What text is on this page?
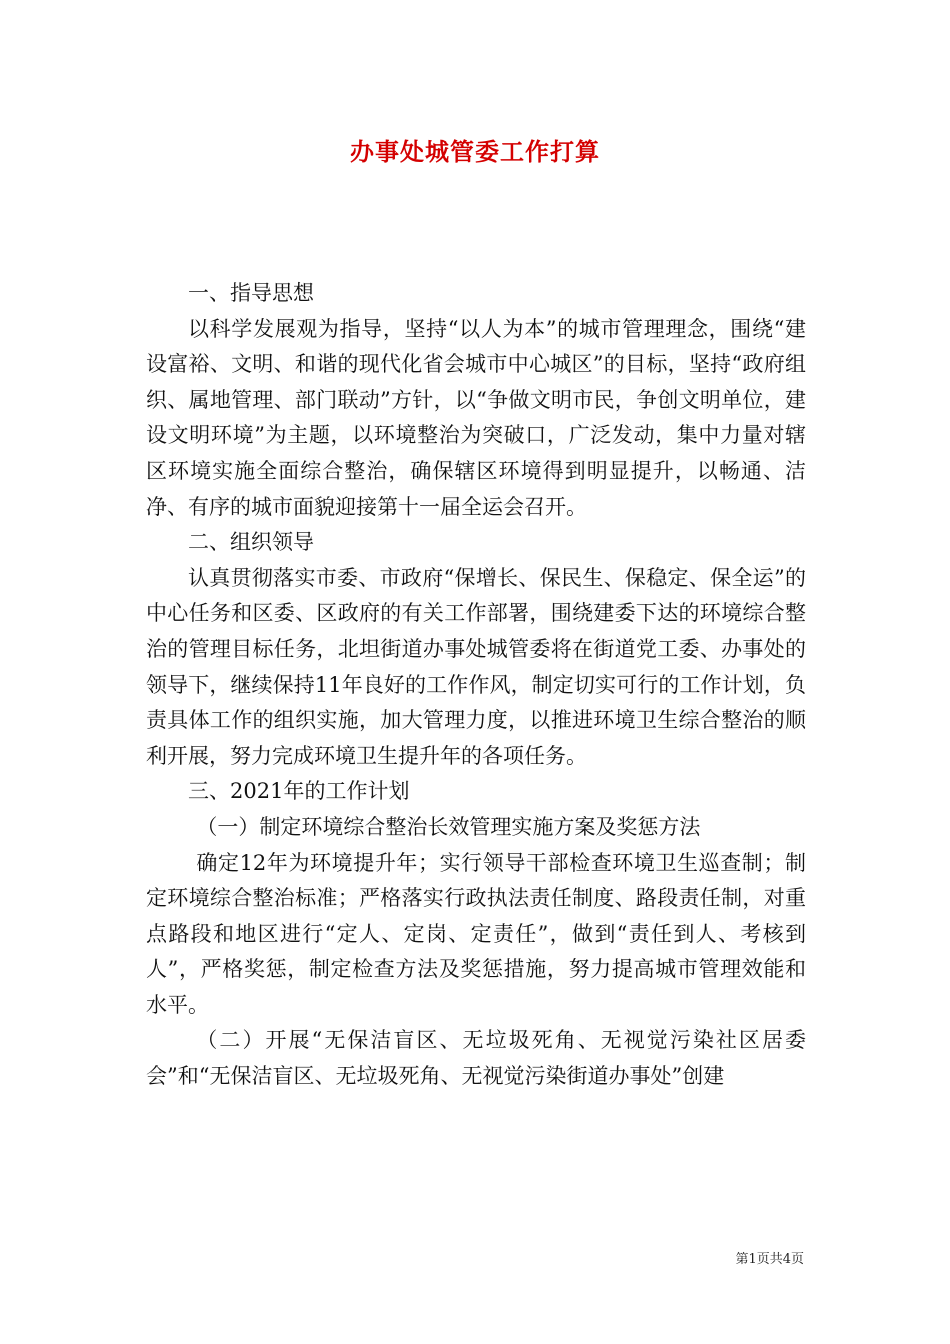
办事处城管委工作打算

一、指导思想

以科学发展观为指导，坚持“以人为本”的城市管理理念，围绕“建设富裕、文明、和谐的现代化省会城市中心城区”的目标，坚持“政府组织、属地管理、部门联动”方针，以“争做文明市民，争创文明单位，建设文明环境”为主题，以环境整治为突破口，广泛发动，集中力量对辖区环境实施全面综合整治，确保辖区环境得到明显提升，以畅通、洁净、有序的城市面貌迎接第十一届全运会召开。

二、组织领导

认真贯彻落实市委、市政府“保增长、保民生、保稳定、保全运”的中心任务和区委、区政府的有关工作部署，围绕建委下达的环境综合整治的管理目标任务，北坦街道办事处城管委将在街道党工委、办事处的领导下，继续保持11年良好的工作作风，制定切实可行的工作计划，负责具体工作的组织实施，加大管理力度，以推进环境卫生综合整治的顺利开展，努力完成环境卫生提升年的各项任务。

三、2021年的工作计划

（一）制定环境综合整治长效管理实施方案及奖惩方法

确定12年为环境提升年；实行领导干部检查环境卫生巡查制；制定环境综合整治标准；严格落实行政执法责任制度、路段责任制，对重点路段和地区进行“定人、定岗、定责任”，做到“责任到人、考核到人”，严格奖惩，制定检查方法及奖惩措施，努力提高城市管理效能和水平。

（二）开展“无保洁盲区、无垃圾死角、无视觉污染社区居委会”和“无保洁盲区、无垃圾死角、无视觉污染街道办事处”创建

第1页共4页
